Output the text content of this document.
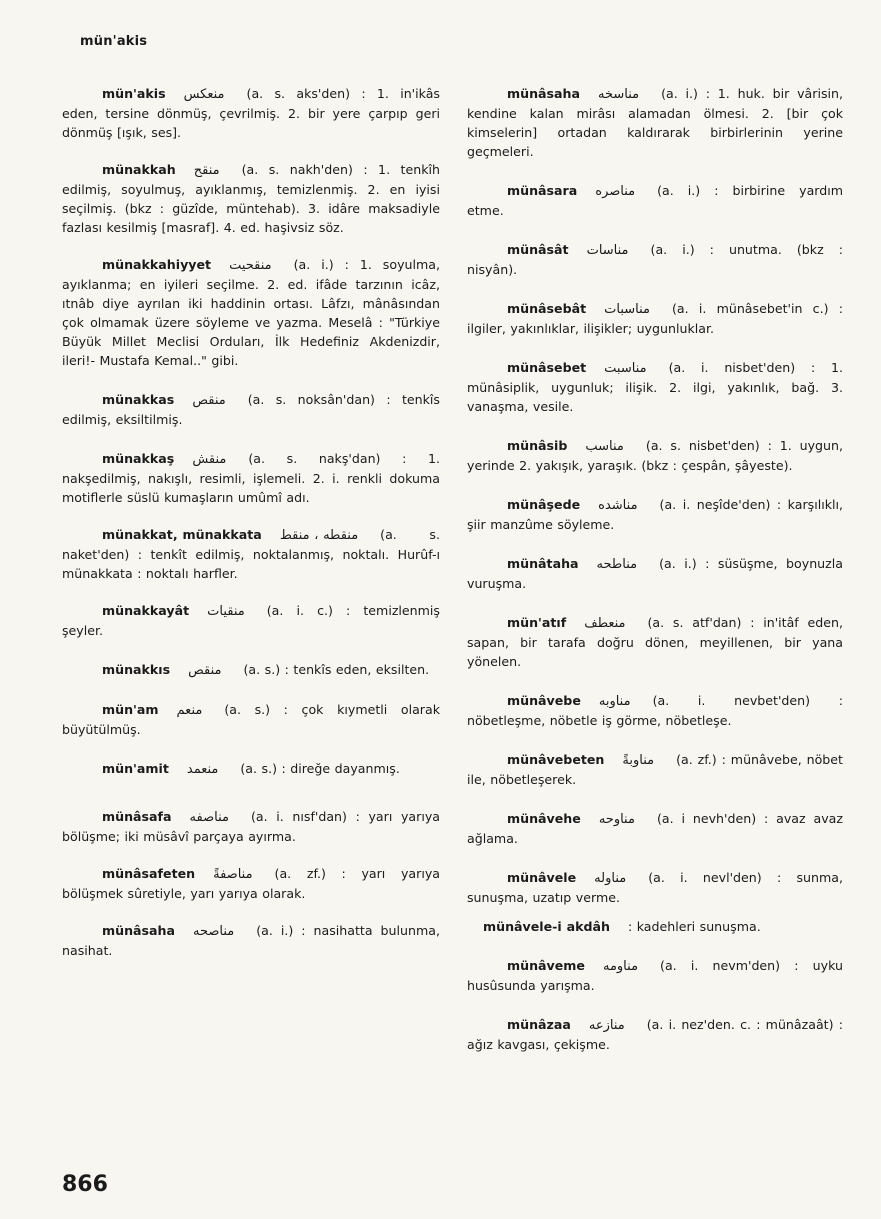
mün'akis

mün'akis منعكس (a. s. aks'den) : 1. in'ikâs eden, tersine dönmüş, çevrilmiş. 2. bir yere çarpıp geri dönmüş [ışık, ses].

münakkah منقح (a. s. nakh'den) : 1. tenkîh edilmiş, soyulmuş, ayıklanmış, temizlenmiş. 2. en iyisi seçilmiş. (bkz : güzîde, müntehab). 3. idâre maksadiyle fazlası kesilmiş [masraf]. 4. ed. haşivsiz söz.

münakkahiyyet منقحيت (a. i.) : 1. soyulma, ayıklanma; en iyileri seçilme. 2. ed. ifâde tarzının icâz, ıtnâb diye ayrılan iki haddinin ortası. Lâfzı, mânâsından çok olmamak üzere söyleme ve yazma. Meselâ : "Türkiye Büyük Millet Meclisi Orduları, İlk Hedefiniz Akdenizdir, ileri!- Mustafa Kemal.." gibi.

münakkas منقص (a. s. noksân'dan) : tenkîs edilmiş, eksiltilmiş.

münakkaş منقش (a. s. nakş'dan) : 1. nakşedilmiş, nakışlı, resimli, işlemeli. 2. i. renkli dokuma motiflerle süslü kumaşların umûmî adı.

münakkat, münakkata منقطه ، منقط (a. s. naket'den) : tenkît edilmiş, noktalanmış, noktalı. Hurûf-ı münakkata : noktalı harfler.

münakkayât منقيات (a. i. c.) : temizlenmiş şeyler.

münakkıs منقص (a. s.) : tenkîs eden, eksilten.

mün'am منعم (a. s.) : çok kıymetli olarak büyütülmüş.

mün'amit منعمد (a. s.) : direğe dayanmış.

münâsafa مناصفه (a. i. nısf'dan) : yarı yarıya bölüşme; iki müsâvî parçaya ayırma.

münâsafeten مناصفةً (a. zf.) : yarı yarıya bölüşmek sûretiyle, yarı yarıya olarak.

münâsaha مناصحه (a. i.) : nasihatta bulunma, nasihat.

münâsaha مناسخه (a. i.) : 1. huk. bir vârisin, kendine kalan mirâsı alamadan ölmesi. 2. [bir çok kimselerin] ortadan kaldırarak birbirlerinin yerine geçmeleri.

münâsara مناصره (a. i.) : birbirine yardım etme.

münâsât مناسات (a. i.) : unutma. (bkz : nisyân).

münâsebât مناسبات (a. i. münâsebet'in c.) : ilgiler, yakınlıklar, ilişikler; uygunluklar.

münâsebet مناسبت (a. i. nisbet'den) : 1. münâsiplik, uygunluk; ilişik. 2. ilgi, yakınlık, bağ. 3. vanaşma, vesile.

münâsib مناسب (a. s. nisbet'den) : 1. uygun, yerinde 2. yakışık, yaraşık. (bkz : çespân, şâyeste).

münâşede مناشده (a. i. neşîde'den) : karşılıklı, şiir manzûme söyleme.

münâtaha مناطحه (a. i.) : süsüşme, boynuzla vuruşma.

mün'atıf منعطف (a. s. atf'dan) : in'itâf eden, sapan, bir tarafa doğru dönen, meyillenen, bir yana yönelen.

münâvebe مناوبه (a. i. nevbet'den) : nöbetleşme, nöbetle iş görme, nöbetleşe.

münâvebeten مناوبةً (a. zf.) : münâvebe, nöbet ile, nöbetleşerek.

münâvehe مناوحه (a. i nevh'den) : avaz avaz ağlama.

münâvele مناوله (a. i. nevl'den) : sunma, sunuşma, uzatıp verme.

münâvele-i akdâh : kadehleri sunuşma.

münâveme مناومه (a. i. nevm'den) : uyku husûsunda yarışma.

münâzaa منازعه (a. i. nez'den. c. : münâzaât) : ağız kavgası, çekişme.

866
